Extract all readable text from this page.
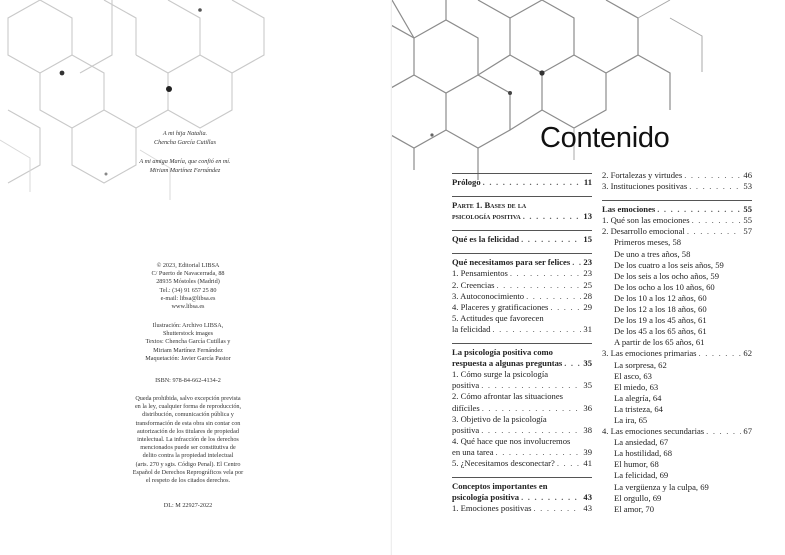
A mi hija Natalia.
Chencha García Cutillas
A mi amiga María, que confió en mí.
Miriam Martínez Fernández
© 2023, Editorial LIBSA
C/ Puerto de Navacerrada, 88
28935 Móstoles (Madrid)
Tel.: (34) 91 657 25 80
e-mail: libsa@libsa.es
www.libsa.es
Ilustración: Archivo LIBSA,
Shutterstock images
Textos: Chencha García Cutillas y
Miriam Martínez Fernández
Maquetación: Javier García Pastor
ISBN: 978-84-662-4134-2
Queda prohibida, salvo excepción prevista
en la ley, cualquier forma de reproducción,
distribución, comunicación pública y
transformación de esta obra sin contar con
autorización de los titulares de propiedad
intelectual. La infracción de los derechos
mencionados puede ser constitutiva de
delito contra la propiedad intelectual
(arts. 270 y sgts. Código Penal). El Centro
Español de Derechos Reprográficos vela por
el respeto de los citados derechos.
DL: M 22927-2022
Contenido
Prólogo . . .	11
Parte 1. Bases de la
psicología positiva . . .	13
Qué es la felicidad . . .	15
Qué necesitamos para ser felices . . . 23
1. Pensamientos . . .	23
2. Creencias . . .	25
3. Autoconocimiento . . .	28
4. Placeres y gratificaciones . . .	29
5. Actitudes que favorecen
la felicidad . . .	31
La psicología positiva como
respuesta a algunas preguntas . . . 35
1. Cómo surge la psicología
positiva . . .	35
2. Cómo afrontar las situaciones
difíciles . . .	36
3. Objetivo de la psicología
positiva . . .	38
4. Qué hace que nos involucremos
en una tarea . . .	39
5. ¿Necesitamos desconectar? . . .	41
Conceptos importantes en
psicología positiva . . .	43
1. Emociones positivas . . .	43
2. Fortalezas y virtudes . . .	46
3. Instituciones positivas . . .	53
Las emociones . . .	55
1. Qué son las emociones . . .	55
2. Desarrollo emocional . . .	57
Primeros meses, 58
De uno a tres años, 58
De los cuatro a los seis años, 59
De los seis a los ocho años, 59
De los ocho a los 10 años, 60
De los 10 a los 12 años, 60
De los 12 a los 18 años, 60
De los 19 a los 45 años, 61
De los 45 a los 65 años, 61
A partir de los 65 años, 61
3. Las emociones primarias . . .	62
La sorpresa, 62
El asco, 63
El miedo, 63
La alegría, 64
La tristeza, 64
La ira, 65
4. Las emociones secundarias . . .	67
La ansiedad, 67
La hostilidad, 68
El humor, 68
La felicidad, 69
La vergüenza y la culpa, 69
El orgullo, 69
El amor, 70
